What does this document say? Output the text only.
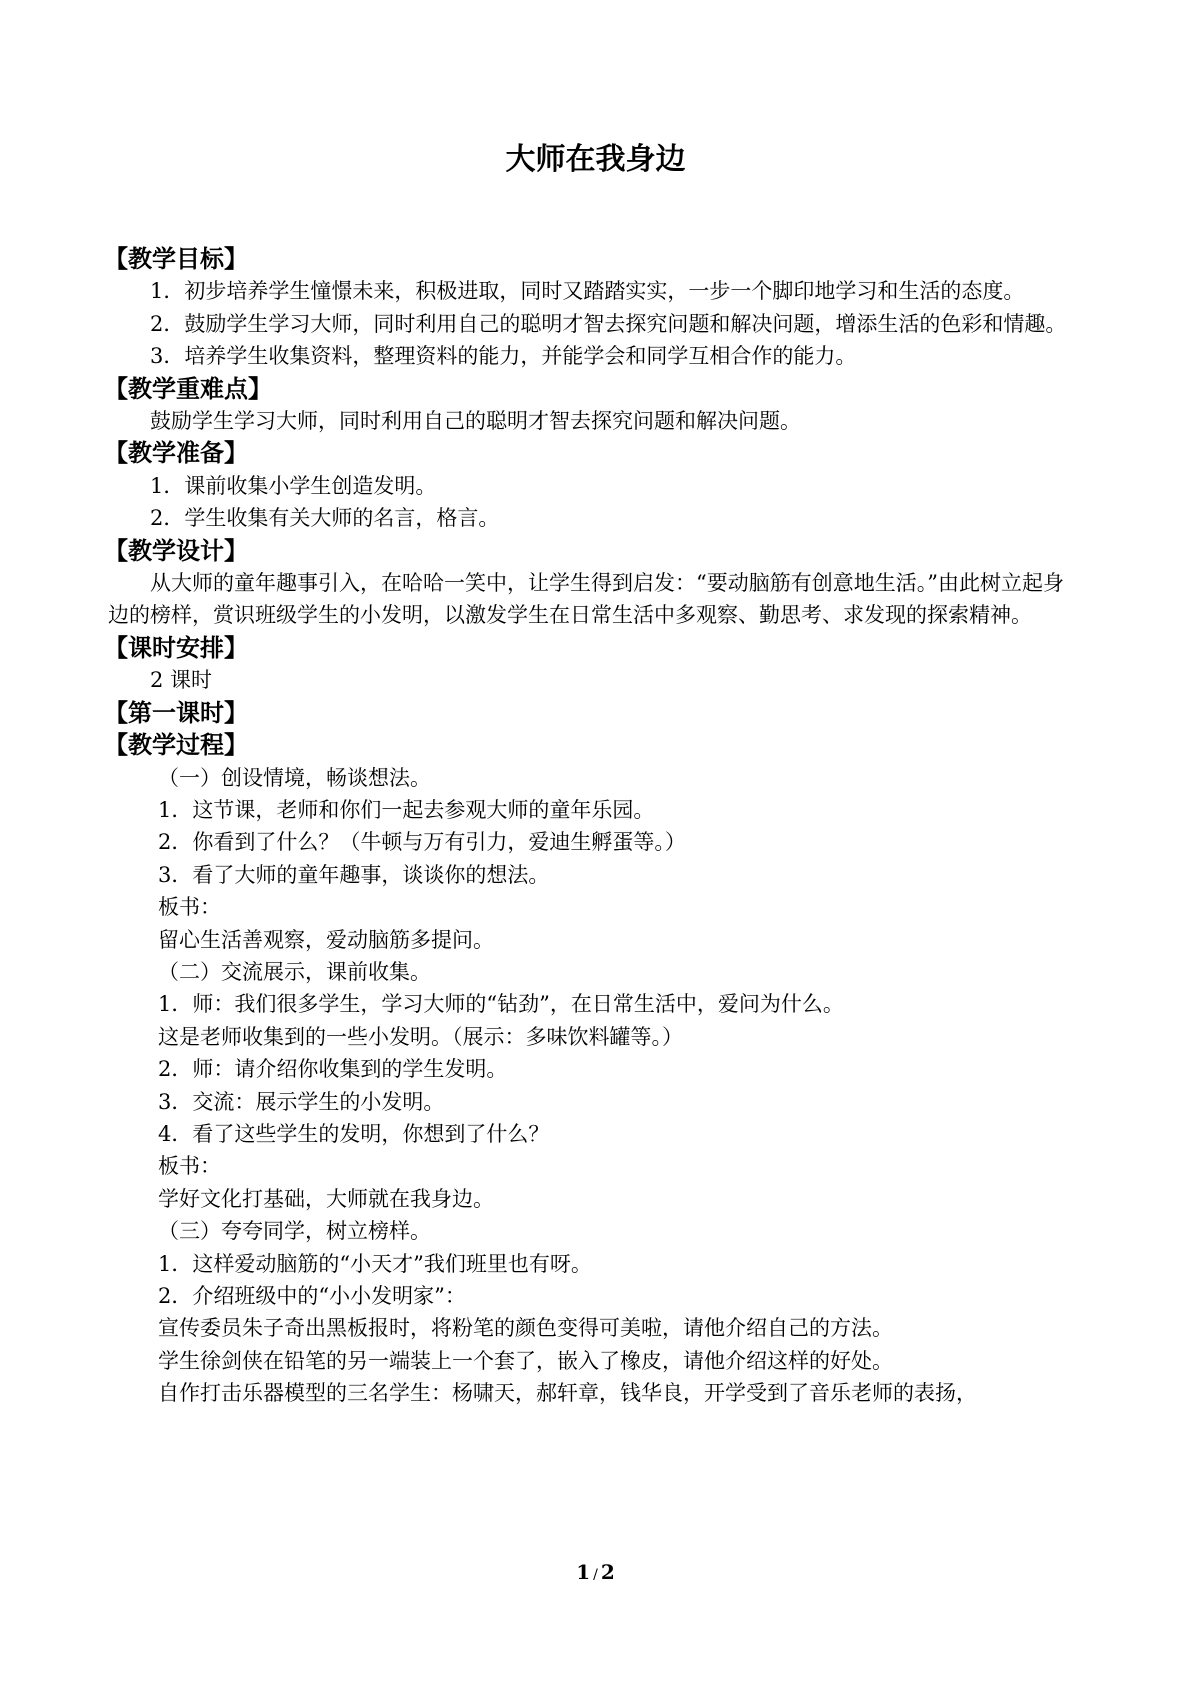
大师在我身边
【教学目标】

1．初步培养学生憧憬未来，积极进取，同时又踏踏实实，一步一个脚印地学习和生活的态度。

2．鼓励学生学习大师，同时利用自己的聪明才智去探究问题和解决问题，增添生活的色彩和情趣。

3．培养学生收集资料，整理资料的能力，并能学会和同学互相合作的能力。

【教学重难点】

鼓励学生学习大师，同时利用自己的聪明才智去探究问题和解决问题。

【教学准备】

1．课前收集小学生创造发明。

2．学生收集有关大师的名言，格言。

【教学设计】

从大师的童年趣事引入，在哈哈一笑中，让学生得到启发：“要动脑筋有创意地生活。”由此树立起身边的榜样，赏识班级学生的小发明，以激发学生在日常生活中多观察、勤思考、求发现的探索精神。

【课时安排】

2 课时

【第一课时】
【教学过程】

（一）创设情境，畅谈想法。

1．这节课，老师和你们一起去参观大师的童年乐园。

2．你看到了什么？（牛顿与万有引力，爱迪生孵蛋等。）

3．看了大师的童年趣事，谈谈你的想法。

板书：

留心生活善观察，爱动脑筋多提问。

（二）交流展示，课前收集。

1．师：我们很多学生，学习大师的“钻劲”，在日常生活中，爱问为什么。

这是老师收集到的一些小发明。（展示：多味饮料罐等。）

2．师：请介绍你收集到的学生发明。

3．交流：展示学生的小发明。

4．看了这些学生的发明，你想到了什么？

板书：

学好文化打基础，大师就在我身边。

（三）夸夸同学，树立榜样。

1．这样爱动脑筋的“小天才”我们班里也有呀。

2．介绍班级中的“小小发明家”：

宣传委员朱子奇出黑板报时，将粉笔的颜色变得可美啦，请他介绍自己的方法。

学生徐剑侠在铅笔的另一端装上一个套了，嵌入了橡皮，请他介绍这样的好处。

自作打击乐器模型的三名学生：杨啸天，郝轩章，钱华良，开学受到了音乐老师的表扬，

1 / 2
